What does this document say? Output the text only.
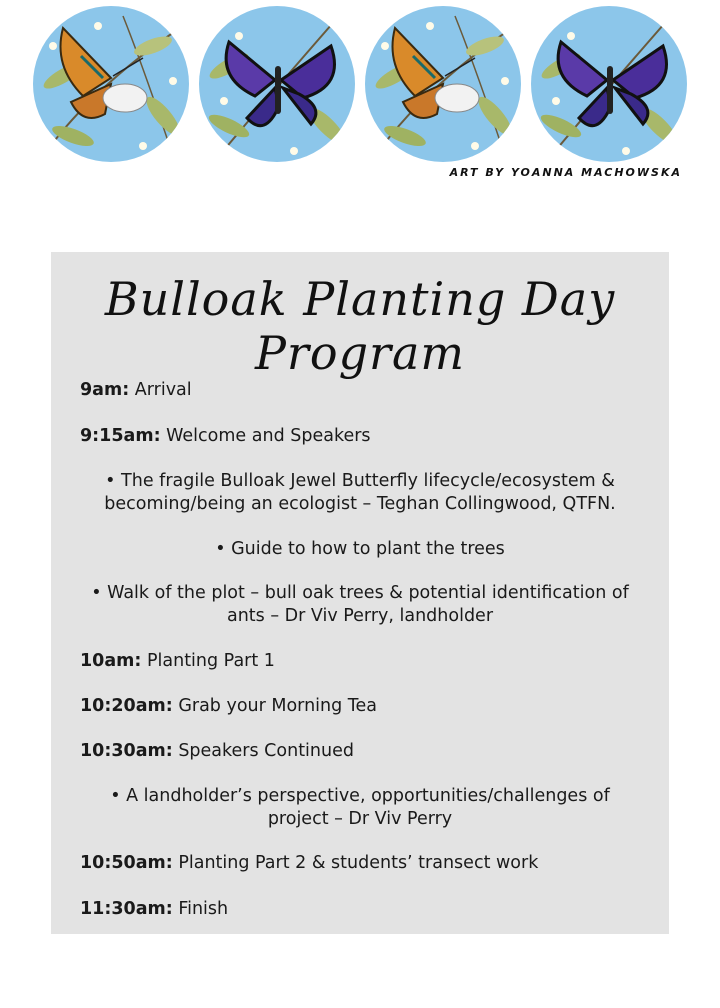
ART BY YOANNA MACHOWSKA
Bulloak Planting Day Program
9am: Arrival
9:15am: Welcome and Speakers
• The fragile Bulloak Jewel Butterfly lifecycle/ecosystem &
becoming/being an ecologist – Teghan Collingwood, QTFN.
• Guide to how to plant the trees
• Walk of the plot – bull oak trees & potential identification of
ants – Dr Viv Perry, landholder
10am: Planting Part 1
10:20am: Grab your Morning Tea
10:30am: Speakers Continued
• A landholder’s perspective, opportunities/challenges of
project – Dr Viv Perry
10:50am: Planting Part 2 & students’ transect work
11:30am: Finish
